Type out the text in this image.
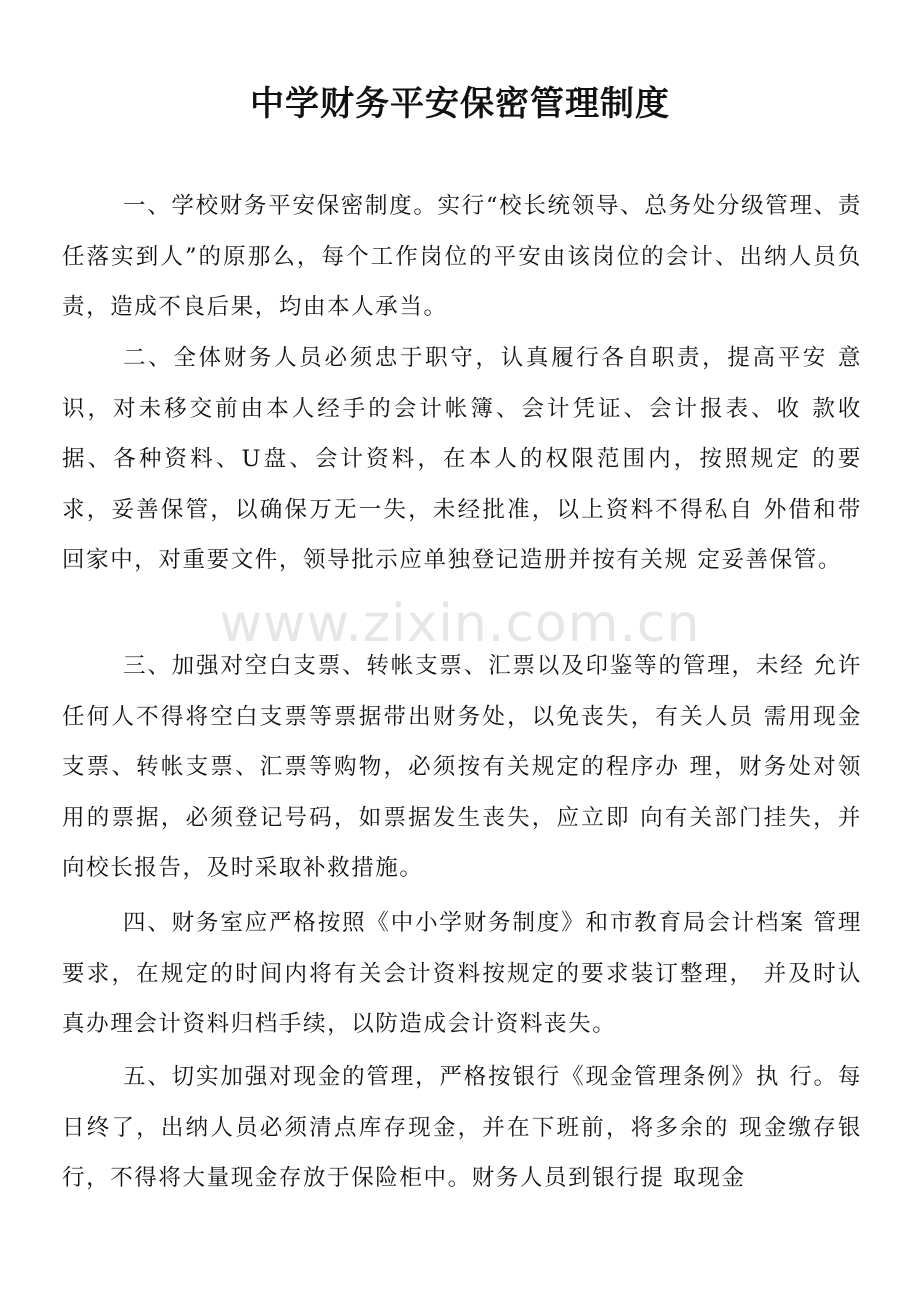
中学财务平安保密管理制度

一、学校财务平安保密制度。实行“校长统领导、总务处分级管理、责任落实到人”的原那么，每个工作岗位的平安由该岗位的会计、出纳人员负责，造成不良后果，均由本人承当。

二、全体财务人员必须忠于职守，认真履行各自职责，提高平安 意识，对未移交前由本人经手的会计帐簿、会计凭证、会计报表、收 款收据、各种资料、U盘、会计资料，在本人的权限范围内，按照规定 的要求，妥善保管，以确保万无一失，未经批准，以上资料不得私自 外借和带回家中，对重要文件，领导批示应单独登记造册并按有关规 定妥善保管。

三、加强对空白支票、转帐支票、汇票以及印鉴等的管理，未经 允许任何人不得将空白支票等票据带出财务处，以免丧失，有关人员 需用现金支票、转帐支票、汇票等购物，必须按有关规定的程序办 理，财务处对领用的票据，必须登记号码，如票据发生丧失，应立即 向有关部门挂失，并向校长报告，及时采取补救措施。

四、财务室应严格按照《中小学财务制度》和市教育局会计档案 管理要求，在规定的时间内将有关会计资料按规定的要求装订整理， 并及时认真办理会计资料归档手续，以防造成会计资料丧失。

五、切实加强对现金的管理，严格按银行《现金管理条例》执 行。每日终了，出纳人员必须清点库存现金，并在下班前，将多余的 现金缴存银行，不得将大量现金存放于保险柜中。财务人员到银行提 取现金

www.zixin.com.cn
